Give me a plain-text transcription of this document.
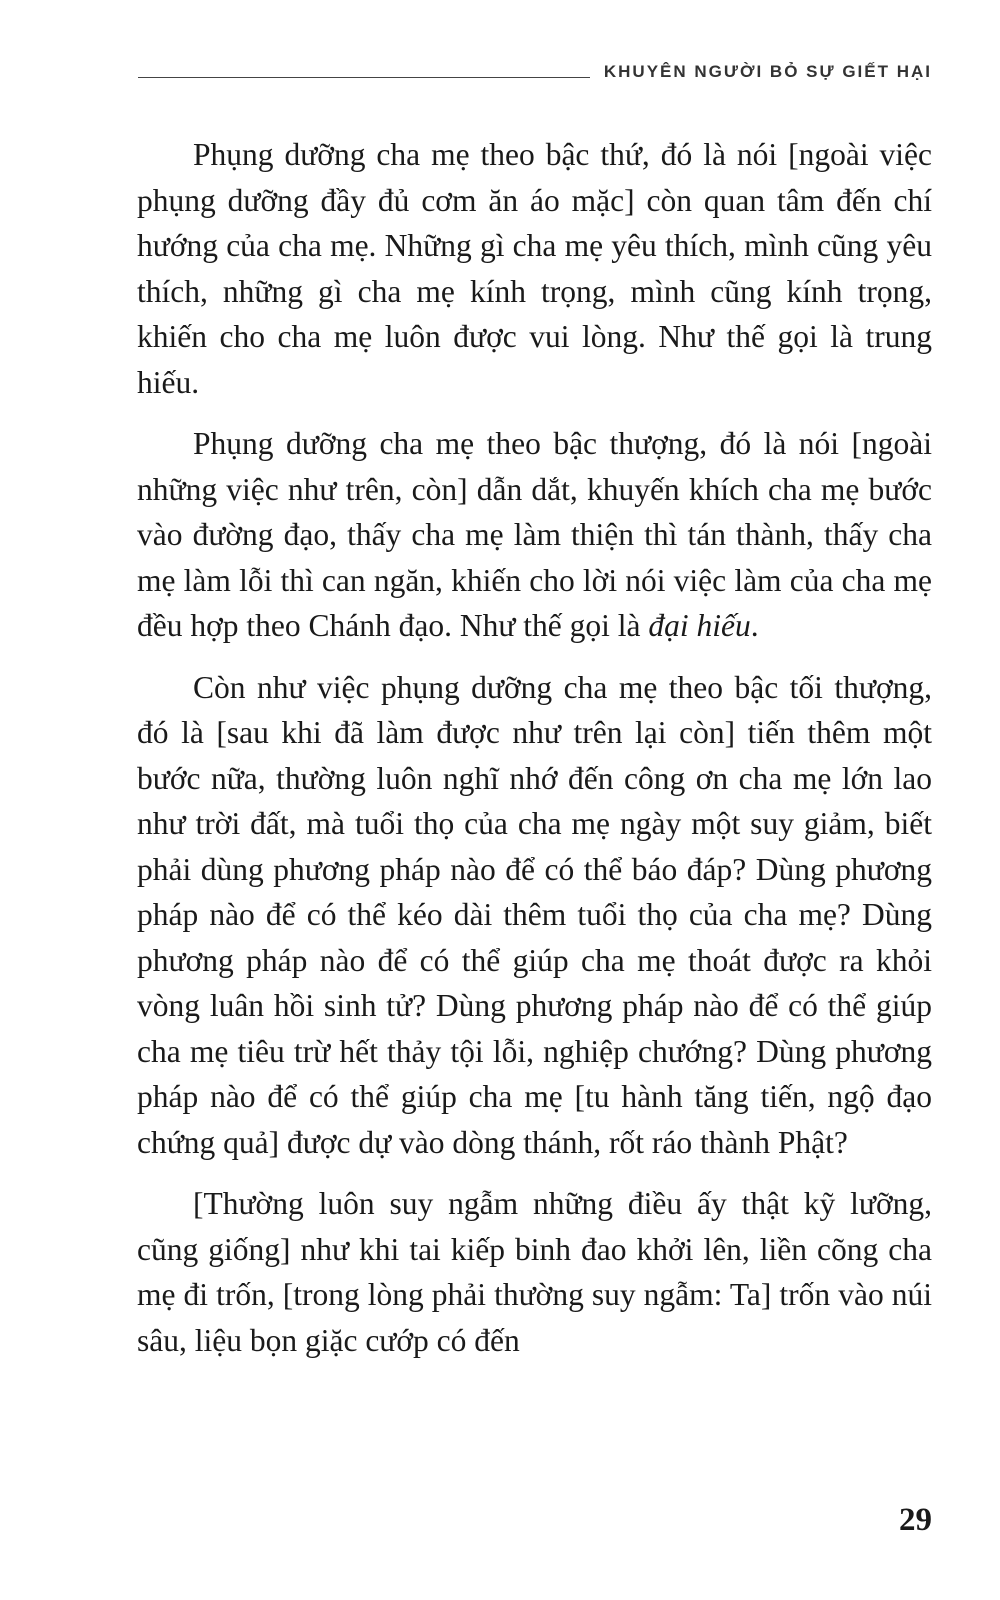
KHUYÊN NGƯỜI BỎ SỰ GIẾT HẠI

Phụng dưỡng cha mẹ theo bậc thứ, đó là nói [ngoài việc phụng dưỡng đầy đủ cơm ăn áo mặc] còn quan tâm đến chí hướng của cha mẹ. Những gì cha mẹ yêu thích, mình cũng yêu thích, những gì cha mẹ kính trọng, mình cũng kính trọng, khiến cho cha mẹ luôn được vui lòng. Như thế gọi là trung hiếu.

Phụng dưỡng cha mẹ theo bậc thượng, đó là nói [ngoài những việc như trên, còn] dẫn dắt, khuyến khích cha mẹ bước vào đường đạo, thấy cha mẹ làm thiện thì tán thành, thấy cha mẹ làm lỗi thì can ngăn, khiến cho lời nói việc làm của cha mẹ đều hợp theo Chánh đạo. Như thế gọi là đại hiếu.

Còn như việc phụng dưỡng cha mẹ theo bậc tối thượng, đó là [sau khi đã làm được như trên lại còn] tiến thêm một bước nữa, thường luôn nghĩ nhớ đến công ơn cha mẹ lớn lao như trời đất, mà tuổi thọ của cha mẹ ngày một suy giảm, biết phải dùng phương pháp nào để có thể báo đáp? Dùng phương pháp nào để có thể kéo dài thêm tuổi thọ của cha mẹ? Dùng phương pháp nào để có thể giúp cha mẹ thoát được ra khỏi vòng luân hồi sinh tử? Dùng phương pháp nào để có thể giúp cha mẹ tiêu trừ hết thảy tội lỗi, nghiệp chướng? Dùng phương pháp nào để có thể giúp cha mẹ [tu hành tăng tiến, ngộ đạo chứng quả] được dự vào dòng thánh, rốt ráo thành Phật?

[Thường luôn suy ngẫm những điều ấy thật kỹ lưỡng, cũng giống] như khi tai kiếp binh đao khởi lên, liền cõng cha mẹ đi trốn, [trong lòng phải thường suy ngẫm: Ta] trốn vào núi sâu, liệu bọn giặc cướp có đến

29
